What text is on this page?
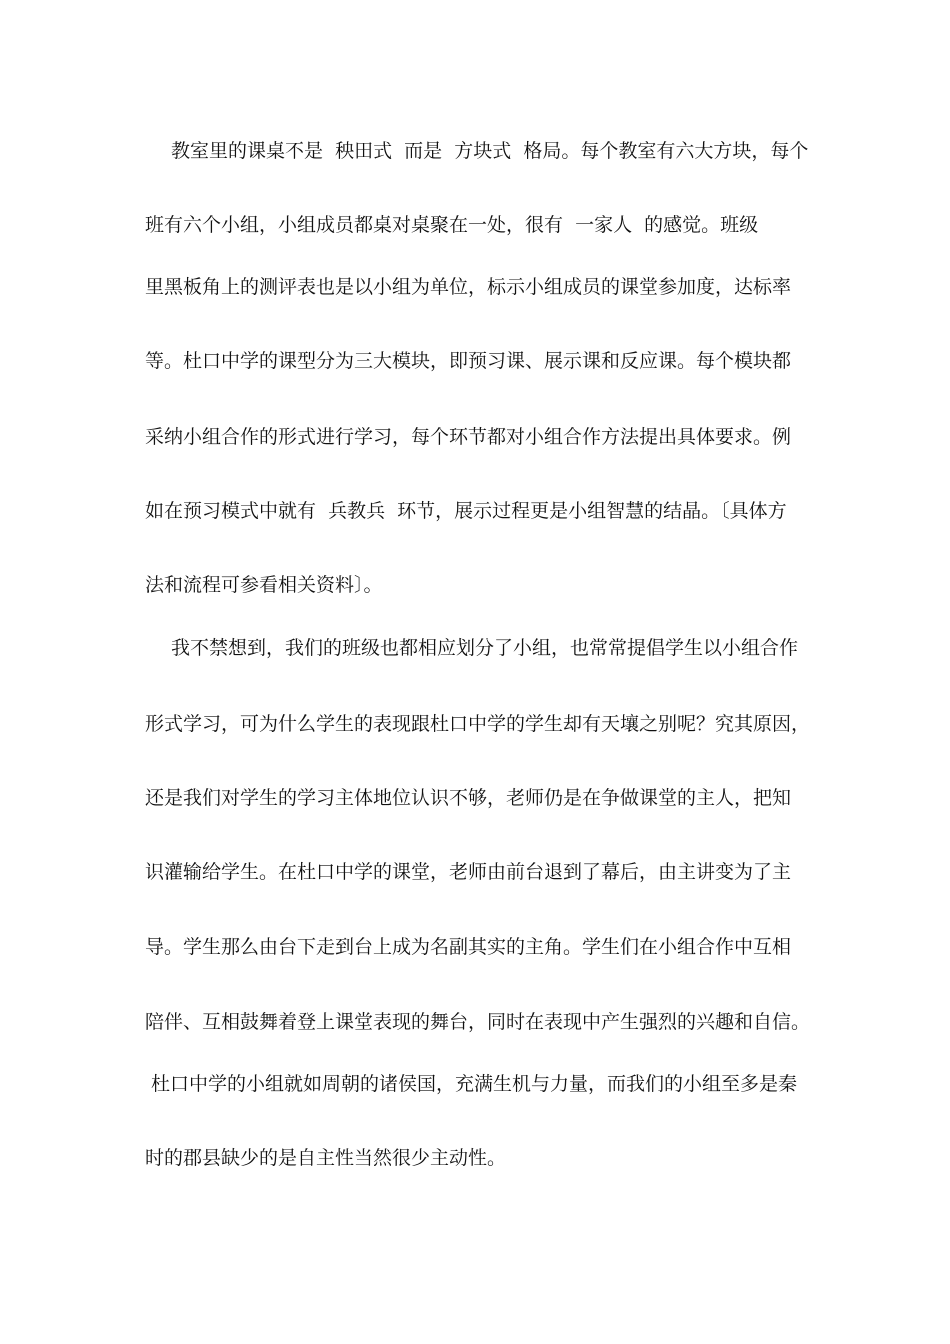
教室里的课桌不是  秧田式  而是  方块式  格局。每个教室有六大方块，每个
班有六个小组，小组成员都桌对桌聚在一处，很有  一家人  的感觉。班级
里黑板角上的测评表也是以小组为单位，标示小组成员的课堂参加度，达标率
等。杜口中学的课型分为三大模块，即预习课、展示课和反应课。每个模块都
采纳小组合作的形式进行学习，每个环节都对小组合作方法提出具体要求。例
如在预习模式中就有  兵教兵  环节，展示过程更是小组智慧的结晶。〔具体方
法和流程可参看相关资料〕。
我不禁想到，我们的班级也都相应划分了小组，也常常提倡学生以小组合作
形式学习，可为什么学生的表现跟杜口中学的学生却有天壤之别呢？究其原因，
还是我们对学生的学习主体地位认识不够，老师仍是在争做课堂的主人，把知
识灌输给学生。在杜口中学的课堂，老师由前台退到了幕后，由主讲变为了主
导。学生那么由台下走到台上成为名副其实的主角。学生们在小组合作中互相
陪伴、互相鼓舞着登上课堂表现的舞台，同时在表现中产生强烈的兴趣和自信。
杜口中学的小组就如周朝的诸侯国，充满生机与力量，而我们的小组至多是秦
时的郡县缺少的是自主性当然很少主动性。
